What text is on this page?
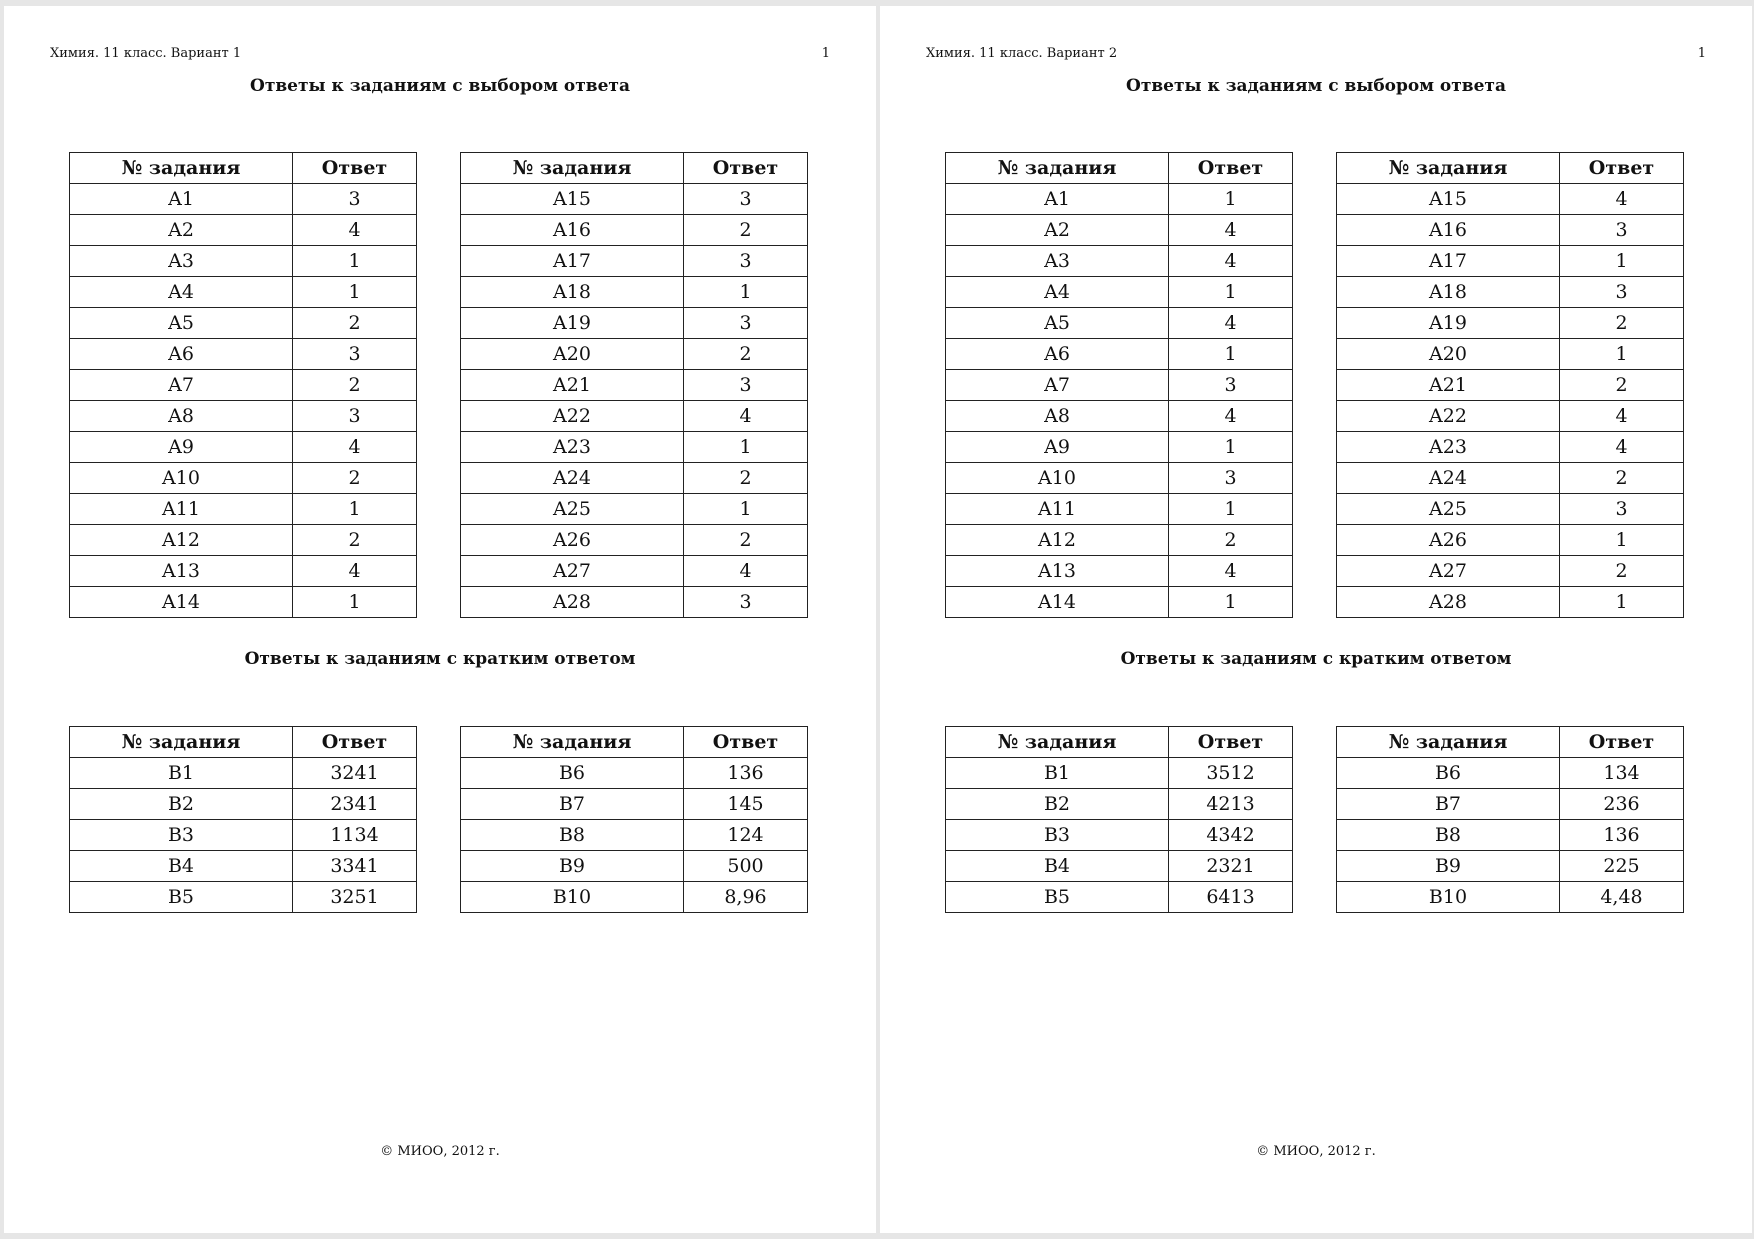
Химия. 11 класс. Вариант 1	1
Ответы к заданиям с выбором ответа
№ задания	Ответ
A1	3
A2	4
A3	1
A4	1
A5	2
A6	3
A7	2
A8	3
A9	4
A10	2
A11	1
A12	2
A13	4
A14	1
№ задания	Ответ
A15	3
A16	2
A17	3
A18	1
A19	3
A20	2
A21	3
A22	4
A23	1
A24	2
A25	1
A26	2
A27	4
A28	3
Ответы к заданиям с кратким ответом
№ задания	Ответ
B1	3241
B2	2341
B3	1134
B4	3341
B5	3251
№ задания	Ответ
B6	136
B7	145
B8	124
B9	500
B10	8,96
© МИОО, 2012 г.
Химия. 11 класс. Вариант 2	1
Ответы к заданиям с выбором ответа
№ задания	Ответ
A1	1
A2	4
A3	4
A4	1
A5	4
A6	1
A7	3
A8	4
A9	1
A10	3
A11	1
A12	2
A13	4
A14	1
№ задания	Ответ
A15	4
A16	3
A17	1
A18	3
A19	2
A20	1
A21	2
A22	4
A23	4
A24	2
A25	3
A26	1
A27	2
A28	1
Ответы к заданиям с кратким ответом
№ задания	Ответ
B1	3512
B2	4213
B3	4342
B4	2321
B5	6413
№ задания	Ответ
B6	134
B7	236
B8	136
B9	225
B10	4,48
© МИОО, 2012 г.
